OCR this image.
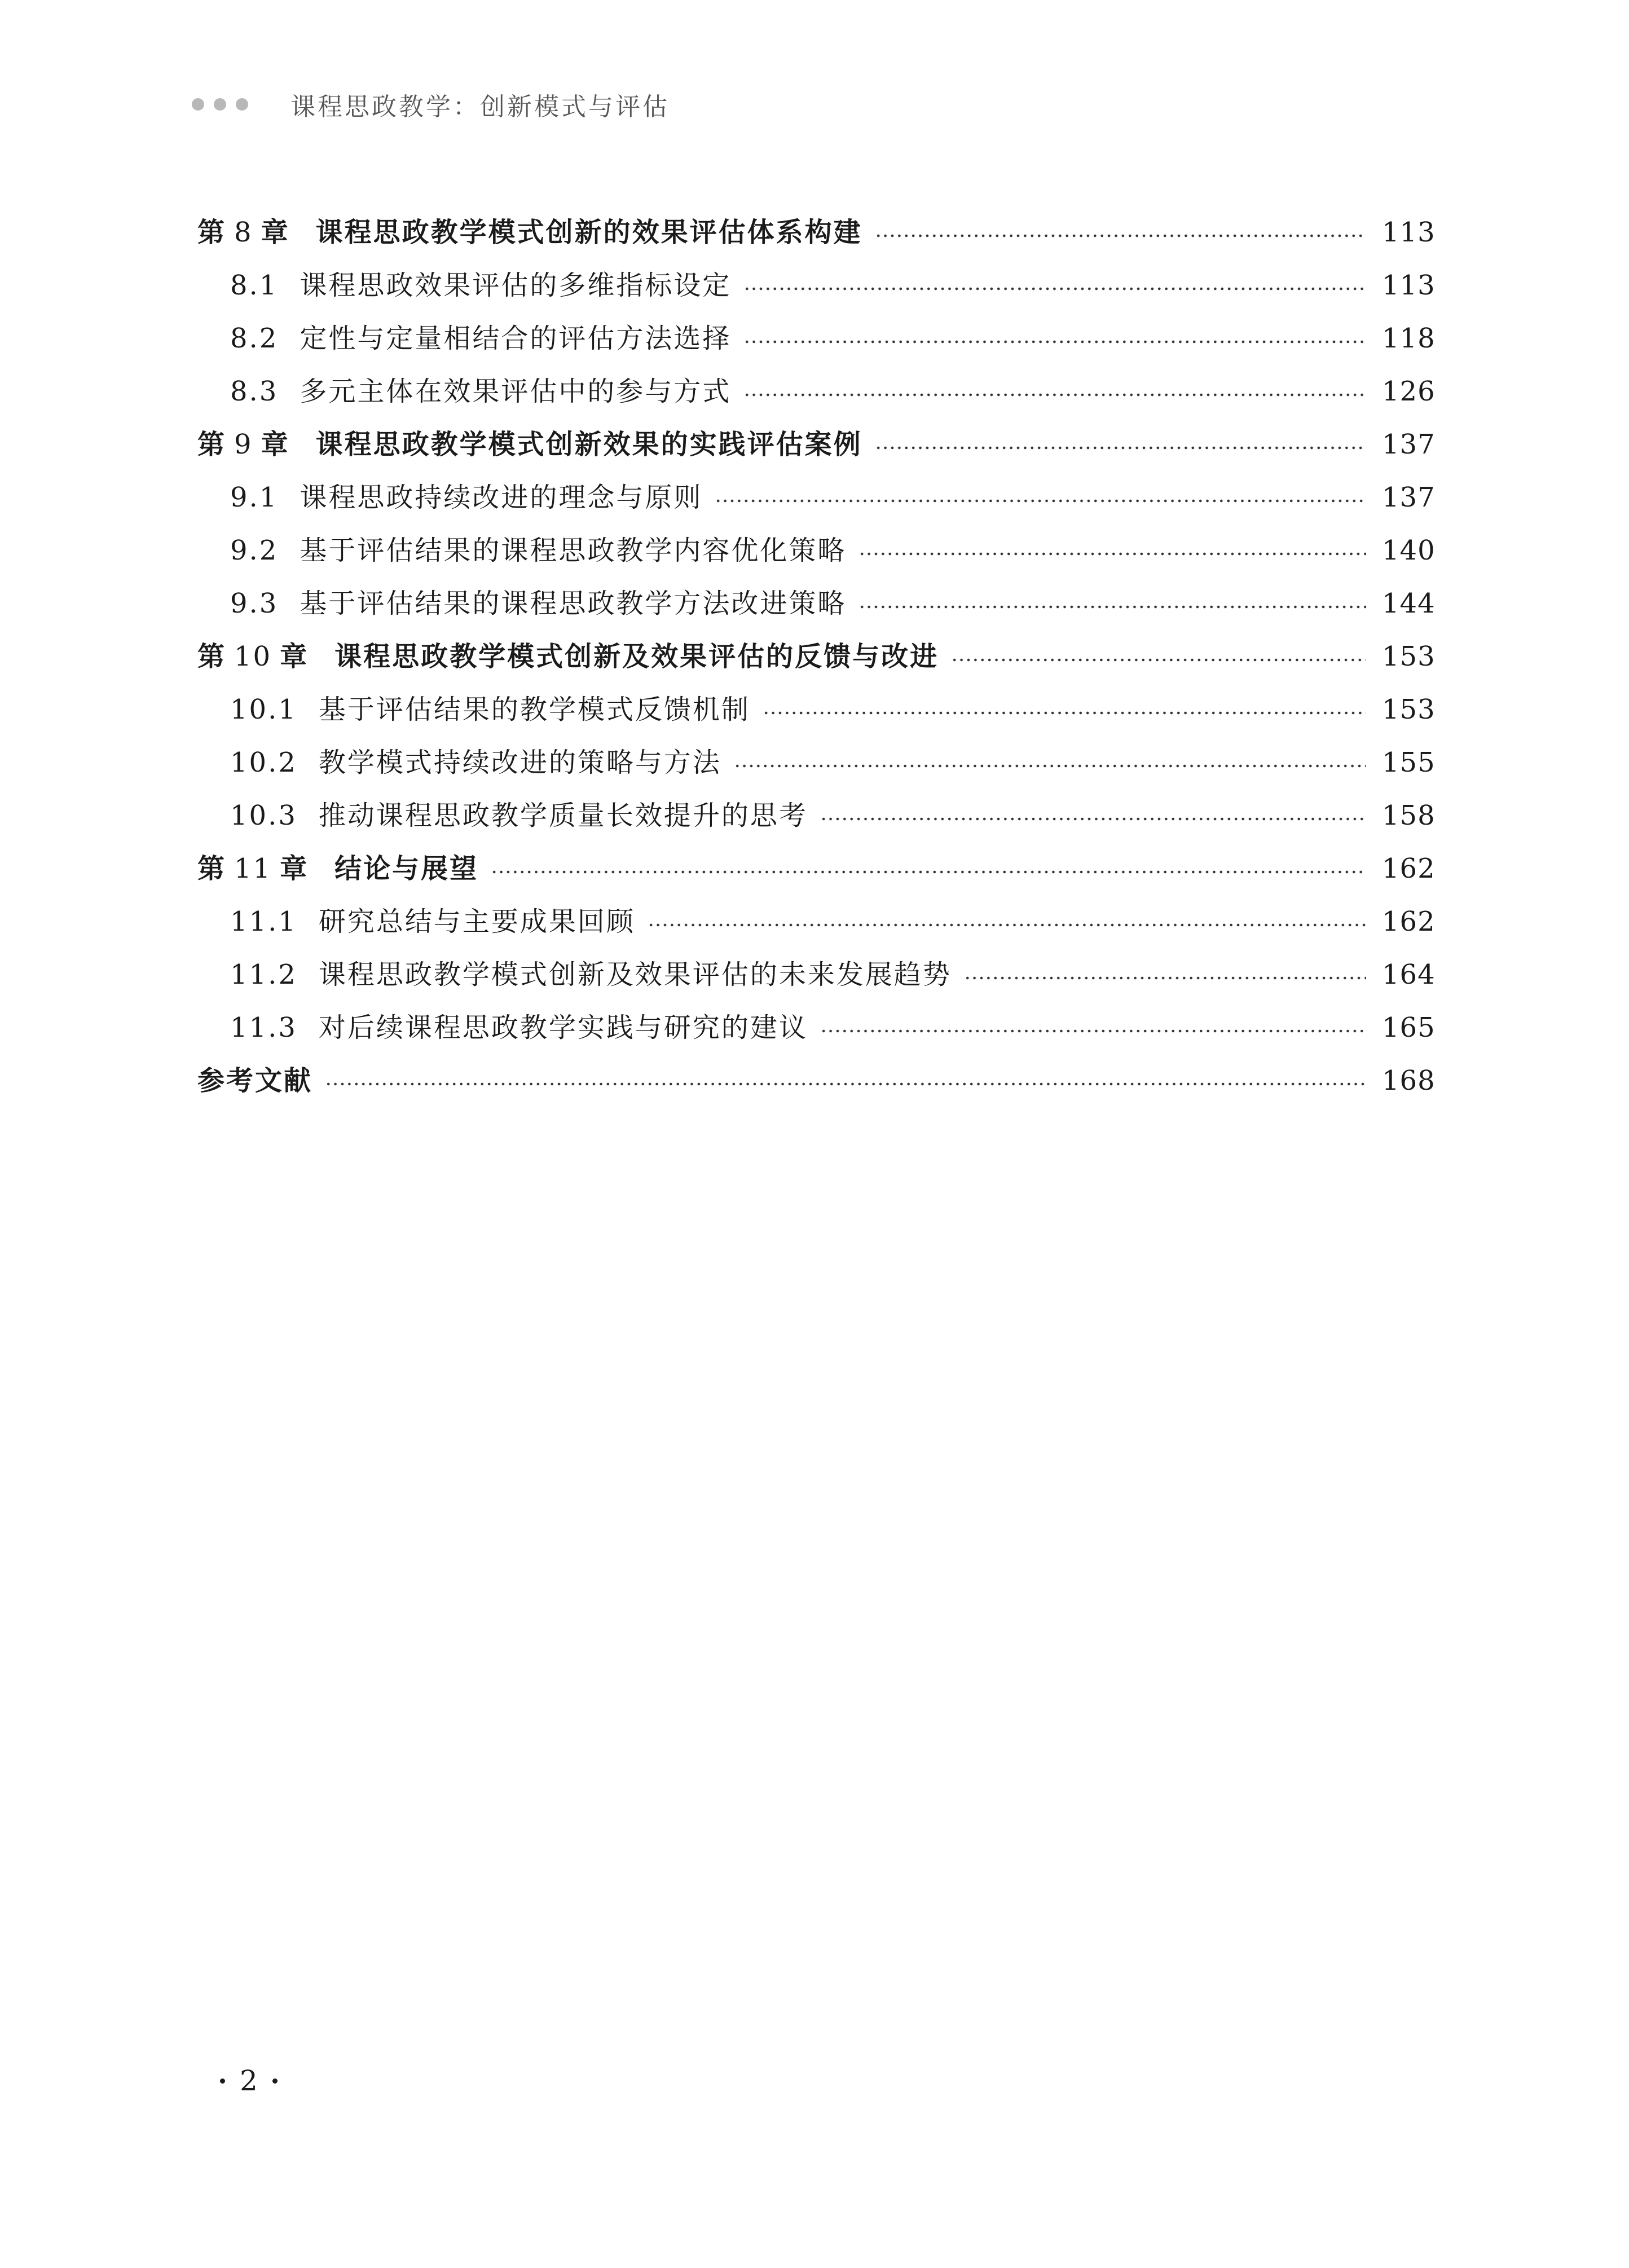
课程思政教学：创新模式与评估
第 8 章 课程思政教学模式创新的效果评估体系构建	113
8.1 课程思政效果评估的多维指标设定	113
8.2 定性与定量相结合的评估方法选择	118
8.3 多元主体在效果评估中的参与方式	126
第 9 章 课程思政教学模式创新效果的实践评估案例	137
9.1 课程思政持续改进的理念与原则	137
9.2 基于评估结果的课程思政教学内容优化策略	140
9.3 基于评估结果的课程思政教学方法改进策略	144
第 10 章 课程思政教学模式创新及效果评估的反馈与改进	153
10.1 基于评估结果的教学模式反馈机制	153
10.2 教学模式持续改进的策略与方法	155
10.3 推动课程思政教学质量长效提升的思考	158
第 11 章 结论与展望	162
11.1 研究总结与主要成果回顾	162
11.2 课程思政教学模式创新及效果评估的未来发展趋势	164
11.3 对后续课程思政教学实践与研究的建议	165
参考文献	168
2
